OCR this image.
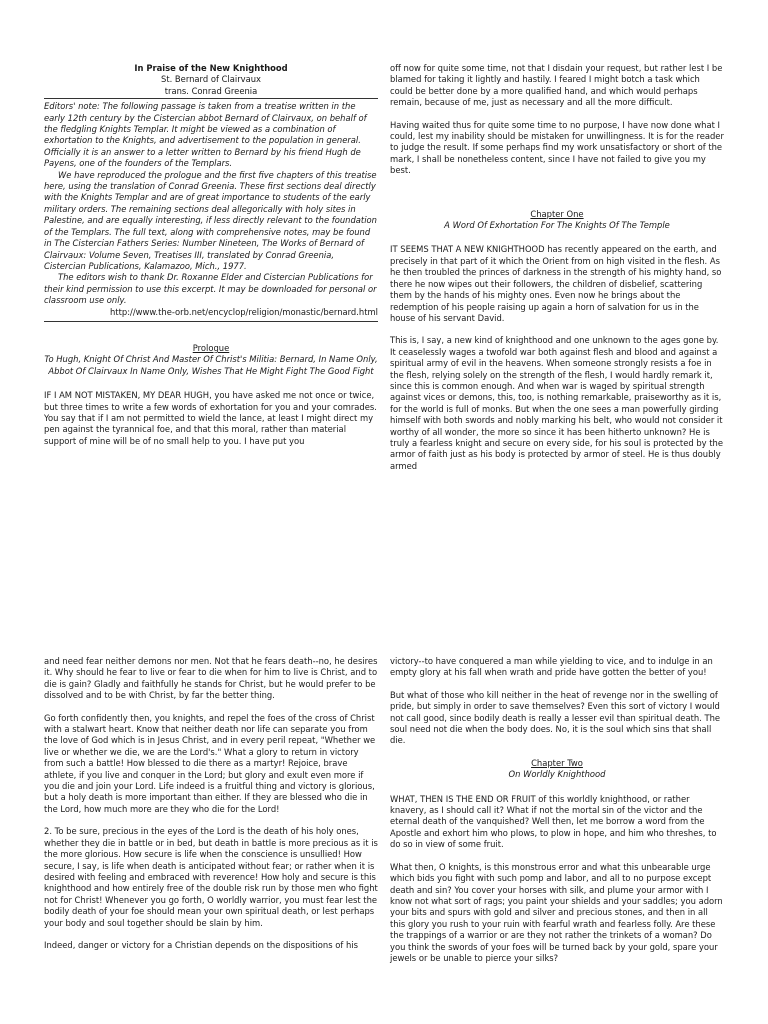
In Praise of the New Knighthood
St. Bernard of Clairvaux
trans. Conrad Greenia

Editors' note: The following passage is taken from a treatise written in the early 12th century by the Cistercian abbot Bernard of Clairvaux, on behalf of the fledgling Knights Templar. It might be viewed as a combination of exhortation to the Knights, and advertisement to the population in general. Officially it is an answer to a letter written to Bernard by his friend Hugh de Payens, one of the founders of the Templars.

We have reproduced the prologue and the first five chapters of this treatise here, using the translation of Conrad Greenia. These first sections deal directly with the Knights Templar and are of great importance to students of the early military orders. The remaining sections deal allegorically with holy sites in Palestine, and are equally interesting, if less directly relevant to the foundation of the Templars. The full text, along with comprehensive notes, may be found in The Cistercian Fathers Series: Number Nineteen, The Works of Bernard of Clairvaux: Volume Seven, Treatises III, translated by Conrad Greenia, Cistercian Publications, Kalamazoo, Mich., 1977.

The editors wish to thank Dr. Roxanne Elder and Cistercian Publications for their kind permission to use this excerpt. It may be downloaded for personal or classroom use only.

http://www.the-orb.net/encyclop/religion/monastic/bernard.html

Prologue

To Hugh, Knight Of Christ And Master Of Christ's Militia: Bernard, In Name Only, Abbot Of Clairvaux In Name Only, Wishes That He Might Fight The Good Fight

IF I AM NOT MISTAKEN, MY DEAR HUGH, you have asked me not once or twice, but three times to write a few words of exhortation for you and your comrades. You say that if I am not permitted to wield the lance, at least I might direct my pen against the tyrannical foe, and that this moral, rather than material support of mine will be of no small help to you. I have put you

off now for quite some time, not that I disdain your request, but rather lest I be blamed for taking it lightly and hastily. I feared I might botch a task which could be better done by a more qualified hand, and which would perhaps remain, because of me, just as necessary and all the more difficult.

Having waited thus for quite some time to no purpose, I have now done what I could, lest my inability should be mistaken for unwillingness. It is for the reader to judge the result. If some perhaps find my work unsatisfactory or short of the mark, I shall be nonetheless content, since I have not failed to give you my best.

Chapter One

A Word Of Exhortation For The Knights Of The Temple

IT SEEMS THAT A NEW KNIGHTHOOD has recently appeared on the earth, and precisely in that part of it which the Orient from on high visited in the flesh. As he then troubled the princes of darkness in the strength of his mighty hand, so there he now wipes out their followers, the children of disbelief, scattering them by the hands of his mighty ones. Even now he brings about the redemption of his people raising up again a horn of salvation for us in the house of his servant David.

This is, I say, a new kind of knighthood and one unknown to the ages gone by. It ceaselessly wages a twofold war both against flesh and blood and against a spiritual army of evil in the heavens. When someone strongly resists a foe in the flesh, relying solely on the strength of the flesh, I would hardly remark it, since this is common enough. And when war is waged by spiritual strength against vices or demons, this, too, is nothing remarkable, praiseworthy as it is, for the world is full of monks. But when the one sees a man powerfully girding himself with both swords and nobly marking his belt, who would not consider it worthy of all wonder, the more so since it has been hitherto unknown? He is truly a fearless knight and secure on every side, for his soul is protected by the armor of faith just as his body is protected by armor of steel. He is thus doubly armed

and need fear neither demons nor men. Not that he fears death--no, he desires it. Why should he fear to live or fear to die when for him to live is Christ, and to die is gain? Gladly and faithfully he stands for Christ, but he would prefer to be dissolved and to be with Christ, by far the better thing.

Go forth confidently then, you knights, and repel the foes of the cross of Christ with a stalwart heart. Know that neither death nor life can separate you from the love of God which is in Jesus Christ, and in every peril repeat, "Whether we live or whether we die, we are the Lord's." What a glory to return in victory from such a battle! How blessed to die there as a martyr! Rejoice, brave athlete, if you live and conquer in the Lord; but glory and exult even more if you die and join your Lord. Life indeed is a fruitful thing and victory is glorious, but a holy death is more important than either. If they are blessed who die in the Lord, how much more are they who die for the Lord!

2. To be sure, precious in the eyes of the Lord is the death of his holy ones, whether they die in battle or in bed, but death in battle is more precious as it is the more glorious. How secure is life when the conscience is unsullied! How secure, I say, is life when death is anticipated without fear; or rather when it is desired with feeling and embraced with reverence! How holy and secure is this knighthood and how entirely free of the double risk run by those men who fight not for Christ! Whenever you go forth, O worldly warrior, you must fear lest the bodily death of your foe should mean your own spiritual death, or lest perhaps your body and soul together should be slain by him.

Indeed, danger or victory for a Christian depends on the dispositions of his

victory--to have conquered a man while yielding to vice, and to indulge in an empty glory at his fall when wrath and pride have gotten the better of you!

But what of those who kill neither in the heat of revenge nor in the swelling of pride, but simply in order to save themselves? Even this sort of victory I would not call good, since bodily death is really a lesser evil than spiritual death. The soul need not die when the body does. No, it is the soul which sins that shall die.

Chapter Two

On Worldly Knighthood

WHAT, THEN IS THE END OR FRUIT of this worldly knighthood, or rather knavery, as I should call it? What if not the mortal sin of the victor and the eternal death of the vanquished? Well then, let me borrow a word from the Apostle and exhort him who plows, to plow in hope, and him who threshes, to do so in view of some fruit.

What then, O knights, is this monstrous error and what this unbearable urge which bids you fight with such pomp and labor, and all to no purpose except death and sin? You cover your horses with silk, and plume your armor with I know not what sort of rags; you paint your shields and your saddles; you adorn your bits and spurs with gold and silver and precious stones, and then in all this glory you rush to your ruin with fearful wrath and fearless folly. Are these the trappings of a warrior or are they not rather the trinkets of a woman? Do you think the swords of your foes will be turned back by your gold, spare your jewels or be unable to pierce your silks?
